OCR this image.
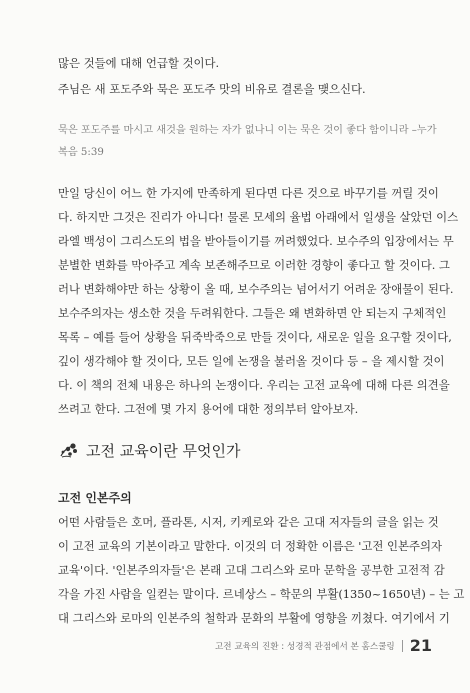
많은 것들에 대해 언급할 것이다.
주님은 새 포도주와 묵은 포도주 맛의 비유로 결론을 맺으신다.
묵은 포도주를 마시고 새것을 원하는 자가 없나니 이는 묵은 것이 좋다 함이니라 –누가
복음 5:39
만일 당신이 어느 한 가지에 만족하게 된다면 다른 것으로 바꾸기를 꺼릴 것이
다. 하지만 그것은 진리가 아니다! 물론 모세의 율법 아래에서 일생을 살았던 이스
라엘 백성이 그리스도의 법을 받아들이기를 꺼려했었다. 보수주의 입장에서는 무
분별한 변화를 막아주고 계속 보존해주므로 이러한 경향이 좋다고 할 것이다. 그
러나 변화해야만 하는 상황이 올 때, 보수주의는 넘어서기 어려운 장애물이 된다.
보수주의자는 생소한 것을 두려워한다. 그들은 왜 변화하면 안 되는지 구체적인
목록 – 예를 들어 상황을 뒤죽박죽으로 만들 것이다, 새로운 일을 요구할 것이다,
깊이 생각해야 할 것이다, 모든 일에 논쟁을 불러올 것이다 등 – 을 제시할 것이
다. 이 책의 전체 내용은 하나의 논쟁이다. 우리는 고전 교육에 대해 다른 의견을
쓰려고 한다. 그전에 몇 가지 용어에 대한 정의부터 알아보자.
고전 교육이란 무엇인가
고전 인본주의
어떤 사람들은 호머, 플라톤, 시저, 키케로와 같은 고대 저자들의 글을 읽는 것
이 고전 교육의 기본이라고 말한다. 이것의 더 정확한 이름은 '고전 인본주의자
교육'이다. '인본주의자들'은 본래 고대 그리스와 로마 문학을 공부한 고전적 감
각을 가진 사람을 일컫는 말이다. 르네상스 – 학문의 부활(1350~1650년) – 는 고
대 그리스와 로마의 인본주의 철학과 문화의 부활에 영향을 끼쳤다. 여기에서 기
고전 교육의 진환 : 성경적 관점에서 본 홈스쿨링 21
